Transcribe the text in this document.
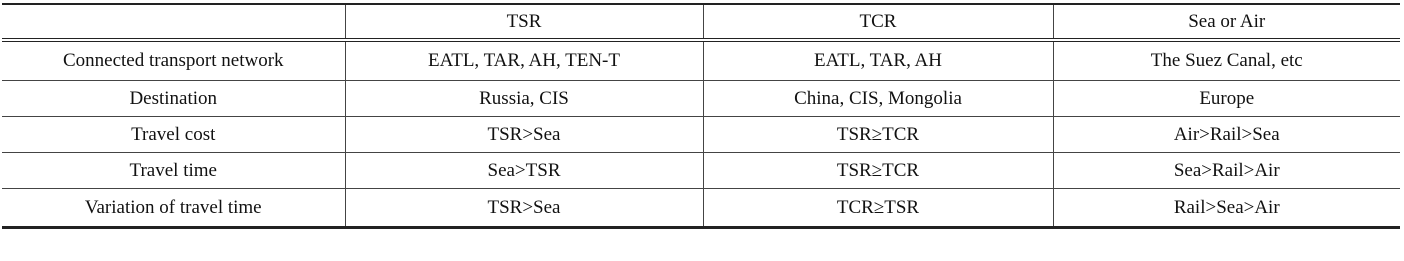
	TSR	TCR	Sea or Air
Connected transport network	EATL, TAR, AH, TEN-T	EATL, TAR, AH	The Suez Canal, etc
Destination	Russia, CIS	China, CIS, Mongolia	Europe
Travel cost	TSR>Sea	TSR≥TCR	Air>Rail>Sea
Travel time	Sea>TSR	TSR≥TCR	Sea>Rail>Air
Variation of travel time	TSR>Sea	TCR≥TSR	Rail>Sea>Air
